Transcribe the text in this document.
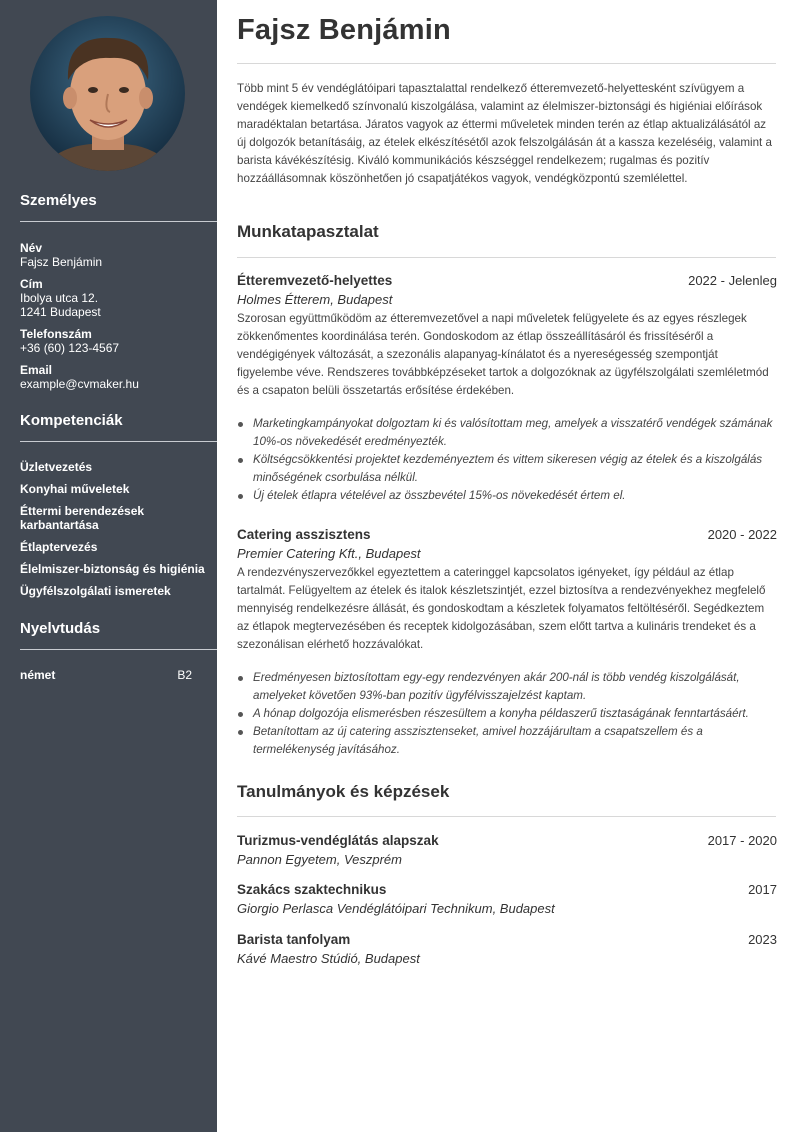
Személyes
Név
Fajsz Benjámin
Cím
Ibolya utca 12.
1241 Budapest
Telefonszám
+36 (60) 123-4567
Email
example@cvmaker.hu
Kompetenciák
Üzletvezetés
Konyhai műveletek
Éttermi berendezések karbantartása
Étlaptervezés
Élelmiszer-biztonság és higiénia
Ügyfélszolgálati ismeretek
Nyelvtudás
német	B2
Fajsz Benjámin

Több mint 5 év vendéglátóipari tapasztalattal rendelkező étteremvezető-helyettesként szívügyem a vendégek kiemelkedő színvonalú kiszolgálása, valamint az élelmiszer-biztonsági és higiéniai előírások maradéktalan betartása. Járatos vagyok az éttermi műveletek minden terén az étlap aktualizálásától az új dolgozók betanításáig, az ételek elkészítésétől azok felszolgálásán át a kassza kezeléséig, valamint a barista kávékészítésig. Kiváló kommunikációs készséggel rendelkezem; rugalmas és pozitív hozzáállásomnak köszönhetően jó csapatjátékos vagyok, vendégközpontú szemlélettel.

Munkatapasztalat
Étteremvezető-helyettes	2022 - Jelenleg
Holmes Étterem, Budapest

Szorosan együttműködöm az étteremvezetővel a napi műveletek felügyelete és az egyes részlegek zökkenőmentes koordinálása terén. Gondoskodom az étlap összeállításáról és frissítéséről a vendégigények változását, a szezonális alapanyag-kínálatot és a nyereségesség szempontját figyelembe véve. Rendszeres továbbképzéseket tartok a dolgozóknak az ügyfélszolgálati szemléletmód és a csapaton belüli összetartás erősítése érdekében.

Marketingkampányokat dolgoztam ki és valósítottam meg, amelyek a visszatérő vendégek számának 10%-os növekedését eredményezték.
Költségcsökkentési projektet kezdeményeztem és vittem sikeresen végig az ételek és a kiszolgálás minőségének csorbulása nélkül.
Új ételek étlapra vételével az összbevétel 15%-os növekedését értem el.
Catering asszisztens	2020 - 2022
Premier Catering Kft., Budapest

A rendezvényszervezőkkel egyeztettem a cateringgel kapcsolatos igényeket, így például az étlap tartalmát. Felügyeltem az ételek és italok készletszintjét, ezzel biztosítva a rendezvényekhez megfelelő mennyiség rendelkezésre állását, és gondoskodtam a készletek folyamatos feltöltéséről. Segédkeztem az étlapok megtervezésében és receptek kidolgozásában, szem előtt tartva a kulináris trendeket és a szezonálisan elérhető hozzávalókat.

Eredményesen biztosítottam egy-egy rendezvényen akár 200-nál is több vendég kiszolgálását, amelyeket követően 93%-ban pozitív ügyfélvisszajelzést kaptam.
A hónap dolgozója elismerésben részesültem a konyha példaszerű tisztaságának fenntartásáért.
Betanítottam az új catering asszisztenseket, amivel hozzájárultam a csapatszellem és a termelékenység javításához.
Tanulmányok és képzések
Turizmus-vendéglátás alapszak	2017 - 2020
Pannon Egyetem, Veszprém
Szakács szaktechnikus	2017
Giorgio Perlasca Vendéglátóipari Technikum, Budapest
Barista tanfolyam	2023
Kávé Maestro Stúdió, Budapest
